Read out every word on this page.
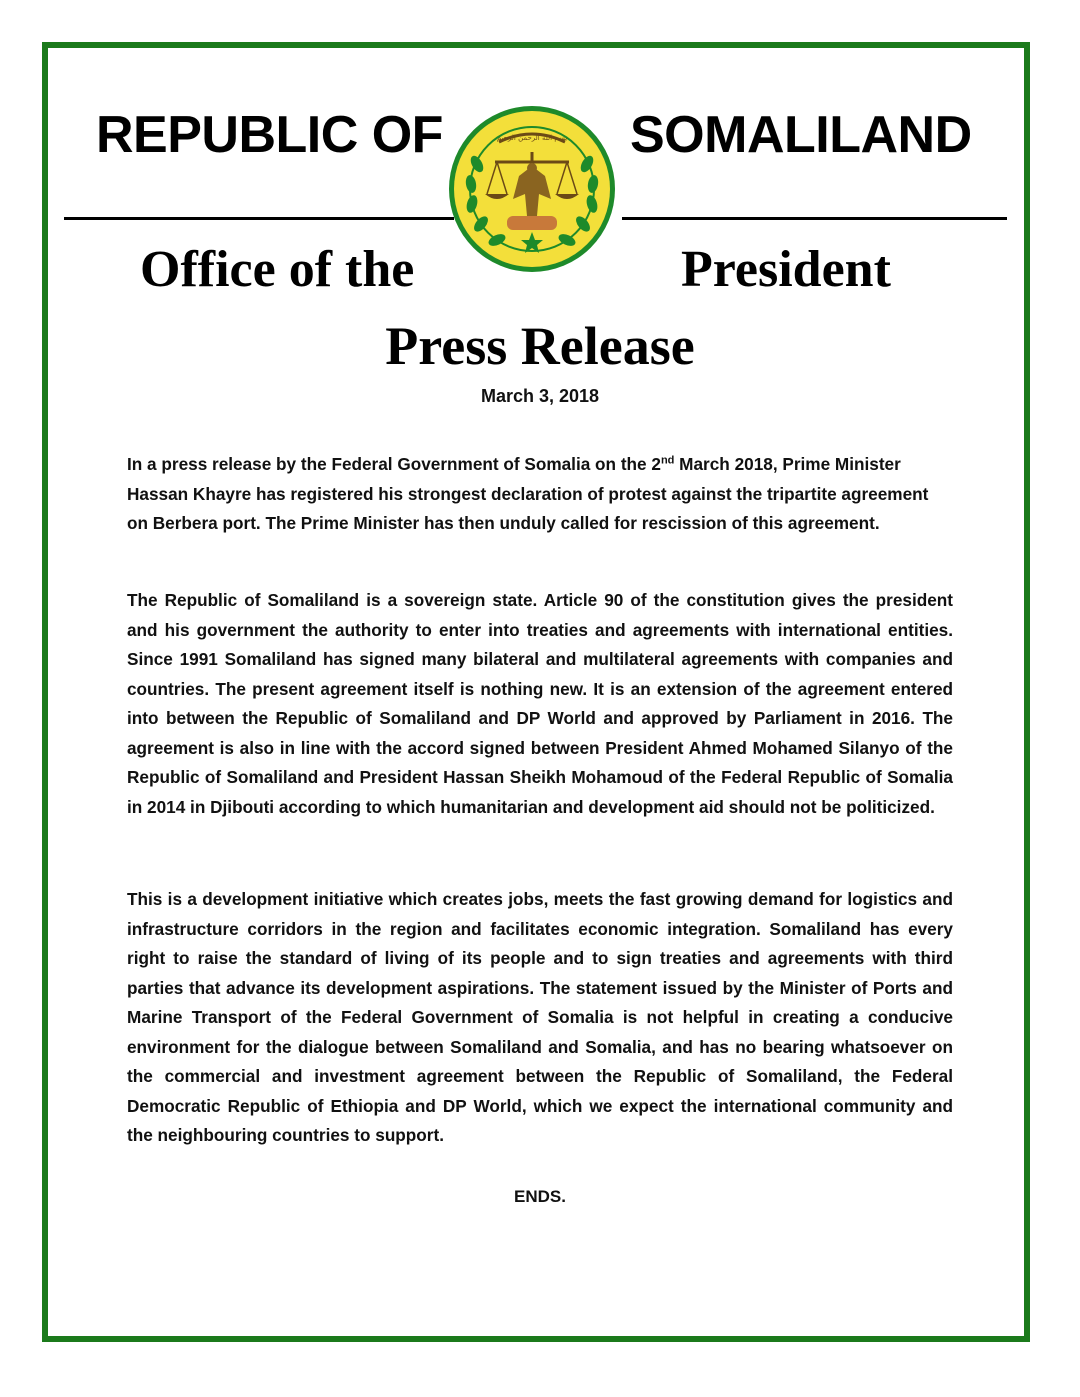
REPUBLIC OF	SOMALILAND
Office of the	President
بسم الله الرحمن الرحيم
Press Release
March 3, 2018
In a press release by the Federal Government of Somalia on the 2nd March 2018, Prime Minister Hassan Khayre has registered his strongest declaration of protest against the tripartite agreement on Berbera port. The Prime Minister has then unduly called for rescission of this agreement.
The Republic of Somaliland is a sovereign state. Article 90 of the constitution gives the president and his government the authority to enter into treaties and agreements with international entities. Since 1991 Somaliland has signed many bilateral and multilateral agreements with companies and countries. The present agreement itself is nothing new. It is an extension of the agreement entered into between the Republic of Somaliland and DP World and approved by Parliament in 2016. The agreement is also in line with the accord signed between President Ahmed Mohamed Silanyo of the Republic of Somaliland and President Hassan Sheikh Mohamoud of the Federal Republic of Somalia in 2014 in Djibouti according to which humanitarian and development aid should not be politicized.
This is a development initiative which creates jobs, meets the fast growing demand for logistics and infrastructure corridors in the region and facilitates economic integration. Somaliland has every right to raise the standard of living of its people and to sign treaties and agreements with third parties that advance its development aspirations. The statement issued by the Minister of Ports and Marine Transport of the Federal Government of Somalia is not helpful in creating a conducive environment for the dialogue between Somaliland and Somalia, and has no bearing whatsoever on the commercial and investment agreement between the Republic of Somaliland, the Federal Democratic Republic of Ethiopia and DP World, which we expect the international community and the neighbouring countries to support.
ENDS.
